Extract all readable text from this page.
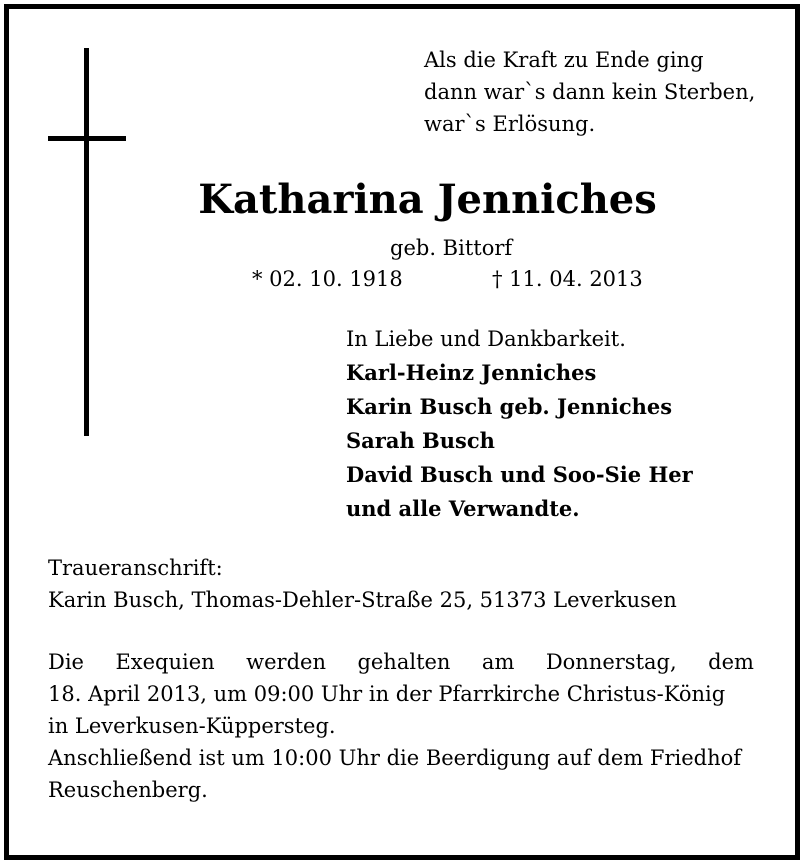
Als die Kraft zu Ende ging
dann war`s dann kein Sterben,
war`s Erlösung.
Katharina Jenniches
geb. Bittorf
* 02. 10. 1918	† 11. 04. 2013
In Liebe und Dankbarkeit.
Karl-Heinz Jenniches
Karin Busch geb. Jenniches
Sarah Busch
David Busch und Soo-Sie Her
und alle Verwandte.
Traueranschrift:
Karin Busch, Thomas-Dehler-Straße 25, 51373 Leverkusen
Die Exequien werden gehalten am Donnerstag, dem
18. April 2013, um 09:00 Uhr in der Pfarrkirche Christus-König
in Leverkusen-Küppersteg.
Anschließend ist um 10:00 Uhr die Beerdigung auf dem Friedhof
Reuschenberg.
